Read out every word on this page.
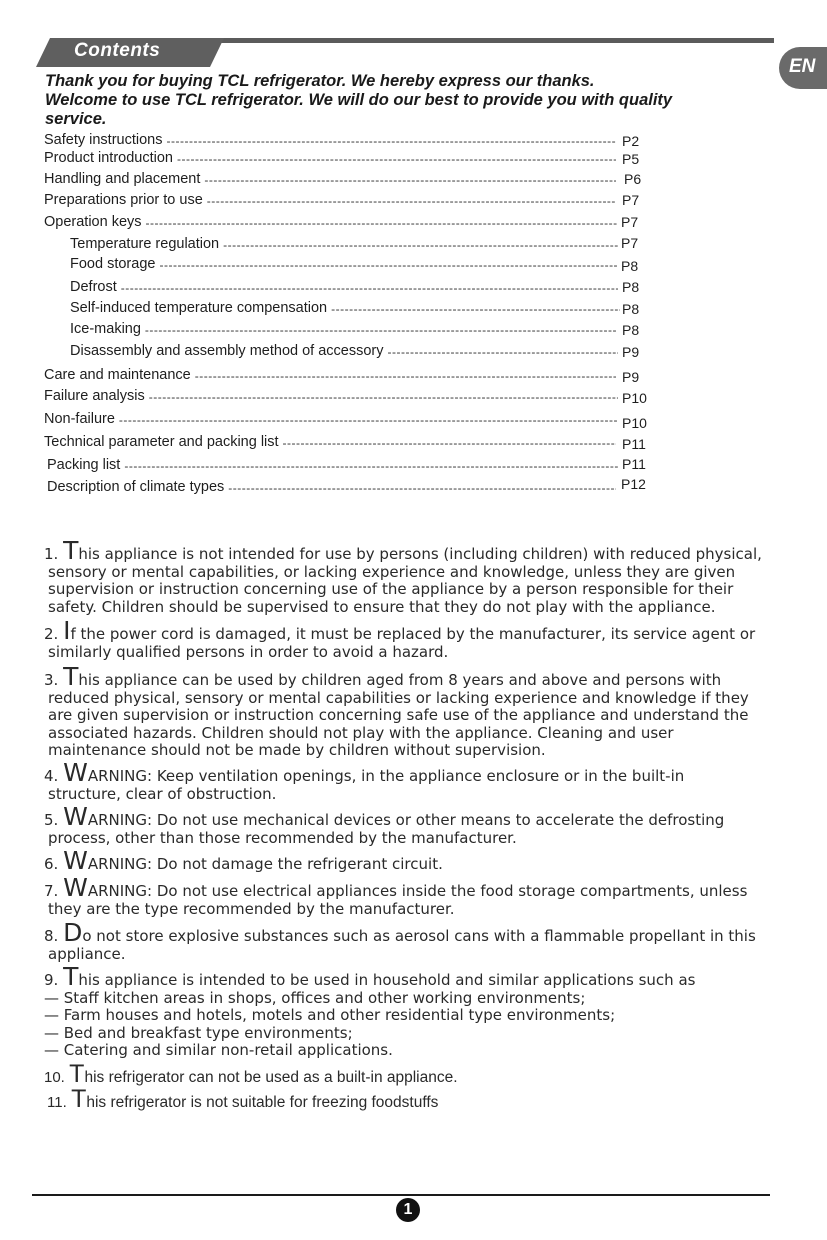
Contents
EN
Thank you for buying TCL refrigerator. We hereby express our thanks.
Welcome to use TCL refrigerator. We will do our best to provide you with quality
service.
Safety instructions -----	P2
Product introduction -----	P5
Handling and placement -----	P6
Preparations prior to use -----	P7
Operation keys -----	P7
Temperature regulation -----	P7
Food storage -----	P8
Defrost -----	P8
Self-induced temperature compensation -----	P8
Ice-making -----	P8
Disassembly and assembly method of accessory -----	P9
Care and maintenance -----	P9
Failure analysis -----	P10
Non-failure -----	P10
Technical parameter and packing list -----	P11
Packing list -----	P11
Description of climate types -----	P12
1. This appliance is not intended for use by persons (including children) with reduced physical,
sensory or mental capabilities, or lacking experience and knowledge, unless they are given
supervision or instruction concerning use of the appliance by a person responsible for their
safety. Children should be supervised to ensure that they do not play with the appliance.
2. If the power cord is damaged, it must be replaced by the manufacturer, its service agent or
similarly qualified persons in order to avoid a hazard.
3. This appliance can be used by children aged from 8 years and above and persons with
reduced physical, sensory or mental capabilities or lacking experience and knowledge if they
are given supervision or instruction concerning safe use of the appliance and understand the
associated hazards. Children should not play with the appliance. Cleaning and user
maintenance should not be made by children without supervision.
4. WARNING: Keep ventilation openings, in the appliance enclosure or in the built-in
structure, clear of obstruction.
5. WARNING: Do not use mechanical devices or other means to accelerate the defrosting
process, other than those recommended by the manufacturer.
6. WARNING: Do not damage the refrigerant circuit.
7. WARNING: Do not use electrical appliances inside the food storage compartments, unless
they are the type recommended by the manufacturer.
8. Do not store explosive substances such as aerosol cans with a flammable propellant in this
appliance.
9. This appliance is intended to be used in household and similar applications such as
— Staff kitchen areas in shops, offices and other working environments;
— Farm houses and hotels, motels and other residential type environments;
— Bed and breakfast type environments;
— Catering and similar non-retail applications.
10. This refrigerator can not be used as a built-in appliance.
11. This refrigerator is not suitable for freezing foodstuffs
1
